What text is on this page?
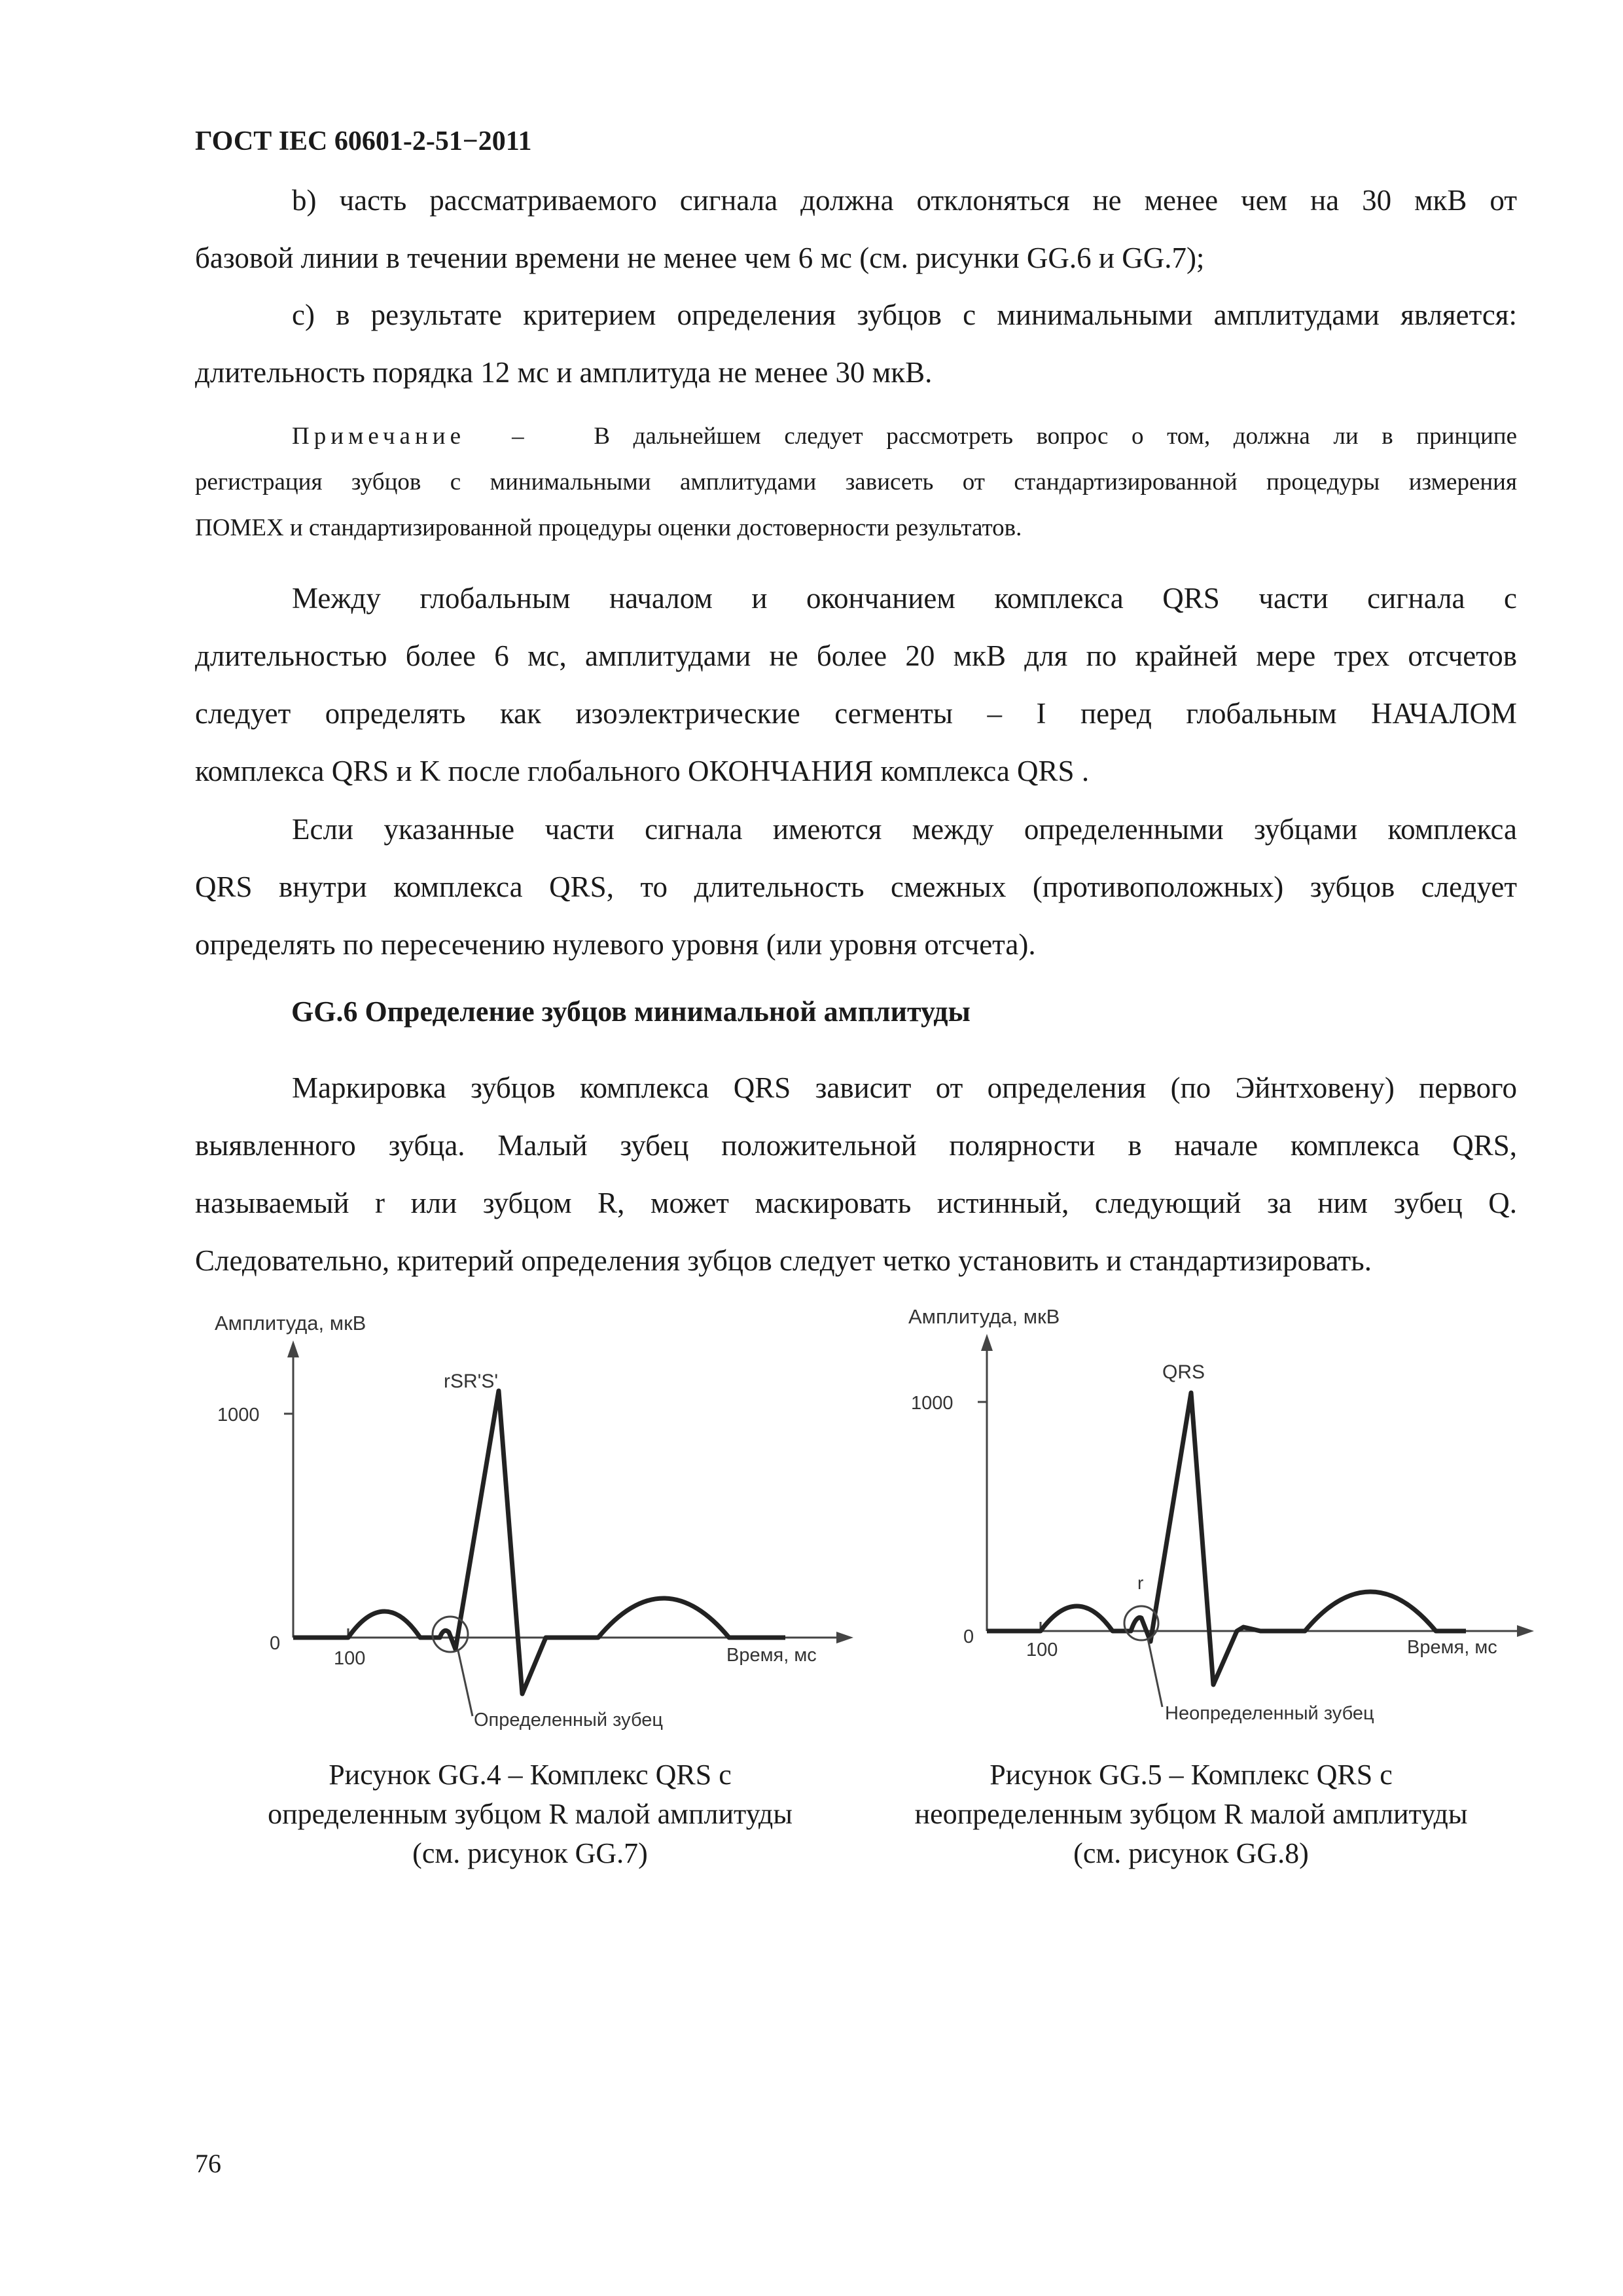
ГОСТ IEC 60601-2-51−2011
b) часть рассматриваемого сигнала должна отклоняться не менее чем на 30 мкВ от
базовой линии в течении времени не менее чем 6 мс (см. рисунки GG.6 и GG.7);
с) в результате критерием определения зубцов с минимальными амплитудами является:
длительность порядка 12 мс и амплитуда не менее 30 мкВ.
Примечание –	В дальнейшем следует рассмотреть вопрос о том, должна ли в принципе
регистрация зубцов с минимальными амплитудами зависеть от стандартизированной процедуры измерения
ПОМЕХ и стандартизированной процедуры оценки достоверности результатов.
Между глобальным началом и окончанием комплекса QRS части сигнала с
длительностью более 6 мс, амплитудами не более 20 мкВ для по крайней мере трех отсчетов
следует определять как изоэлектрические сегменты – I перед глобальным НАЧАЛОМ
комплекса QRS и K после глобального ОКОНЧАНИЯ комплекса QRS .
Если указанные части сигнала имеются между определенными зубцами комплекса
QRS внутри комплекса QRS, то длительность смежных (противоположных) зубцов следует
определять по пересечению нулевого уровня (или уровня отсчета).
GG.6 Определение зубцов минимальной амплитуды
Маркировка зубцов комплекса QRS зависит от определения (по Эйнтховену) первого
выявленного зубца. Малый зубец положительной полярности в начале комплекса QRS,
называемый r или зубцом R, может маскировать истинный, следующий за ним зубец Q.
Следовательно, критерий определения зубцов следует четко установить и стандартизировать.
Амплитуда, мкВ
1000
0
100	Время, мс
rSR'S'
Определенный зубец
Рисунок GG.4 – Комплекс QRS с
определенным зубцом R малой амплитуды
(см. рисунок GG.7)
Амплитуда, мкВ
1000
0
100	Время, мс
QRS
r
Неопределенный зубец
Рисунок GG.5 – Комплекс QRS с
неопределенным зубцом R малой амплитуды
(см. рисунок GG.8)
76
